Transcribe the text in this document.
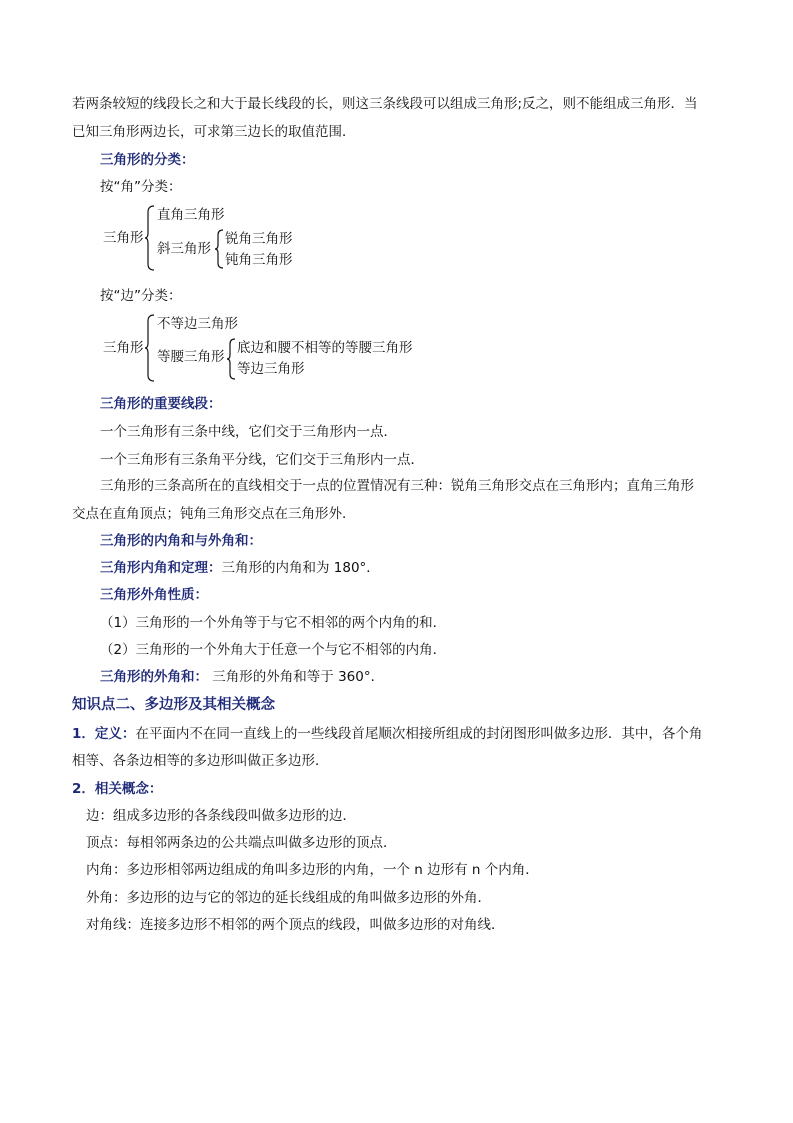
若两条较短的线段长之和大于最长线段的长，则这三条线段可以组成三角形;反之，则不能组成三角形．当
已知三角形两边长，可求第三边长的取值范围．
三角形的分类：
按“角”分类：
三角形
直角三角形
斜三角形
锐角三角形
钝角三角形
按“边”分类：
三角形
不等边三角形
等腰三角形
底边和腰不相等的等腰三角形
等边三角形
三角形的重要线段：
一个三角形有三条中线，它们交于三角形内一点．
一个三角形有三条角平分线，它们交于三角形内一点．
三角形的三条高所在的直线相交于一点的位置情况有三种：锐角三角形交点在三角形内；直角三角形
交点在直角顶点；钝角三角形交点在三角形外.
三角形的内角和与外角和：
三角形内角和定理：三角形的内角和为 180°．
三角形外角性质：
（1）三角形的一个外角等于与它不相邻的两个内角的和．
（2）三角形的一个外角大于任意一个与它不相邻的内角．
三角形的外角和： 三角形的外角和等于 360°．
知识点二、多边形及其相关概念
1．定义：在平面内不在同一直线上的一些线段首尾顺次相接所组成的封闭图形叫做多边形．其中，各个角
相等、各条边相等的多边形叫做正多边形．
2．相关概念：
边：组成多边形的各条线段叫做多边形的边．
顶点：每相邻两条边的公共端点叫做多边形的顶点．
内角：多边形相邻两边组成的角叫多边形的内角，一个 n 边形有 n 个内角．
外角：多边形的边与它的邻边的延长线组成的角叫做多边形的外角．
对角线：连接多边形不相邻的两个顶点的线段，叫做多边形的对角线．
